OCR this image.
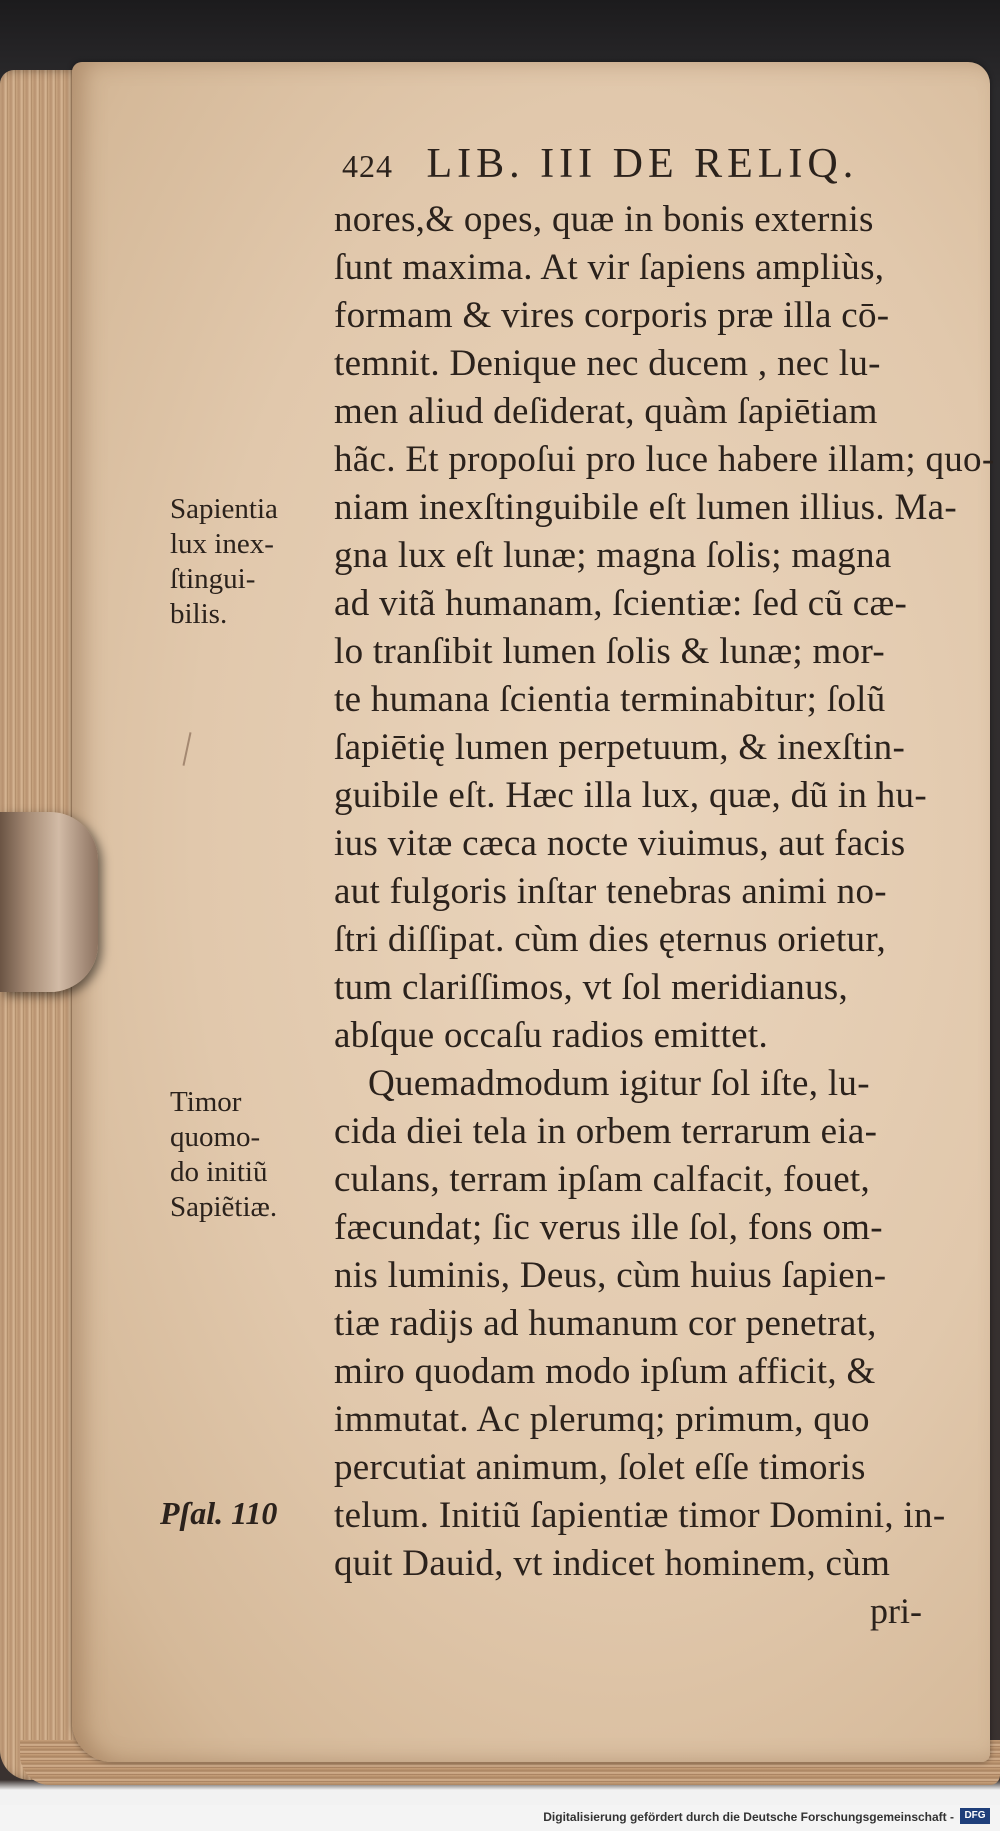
424 LIB. III DE RELIQ.
nores,& opes, quæ in bonis externis
ſunt maxima. At vir ſapiens ampliùs,
formam & vires corporis præ illa cō-
temnit. Denique nec ducem , nec lu-
men aliud deſiderat, quàm ſapiētiam
hãc. Et propoſui pro luce habere illam; quo-
niam inexſtinguibile eſt lumen illius. Ma-
gna lux eſt lunæ; magna ſolis; magna
ad vitã humanam, ſcientiæ: ſed cũ cæ-
lo tranſibit lumen ſolis & lunæ; mor-
te humana ſcientia terminabitur; ſolũ
ſapiētię lumen perpetuum, & inexſtin-
guibile eſt. Hæc illa lux, quæ, dũ in hu-
ius vitæ cæca nocte viuimus, aut facis
aut fulgoris inſtar tenebras animi no-
ſtri diſſipat. cùm dies ęternus orietur,
tum clariſſimos, vt ſol meridianus,
abſque occaſu radios emittet.
Quemadmodum igitur ſol iſte, lu-
cida diei tela in orbem terrarum eia-
culans, terram ipſam calfacit, fouet,
fæcundat; ſic verus ille ſol, fons om-
nis luminis, Deus, cùm huius ſapien-
tiæ radijs ad humanum cor penetrat,
miro quodam modo ipſum afficit, &
immutat. Ac plerumq; primum, quo
percutiat animum, ſolet eſſe timoris
telum. Initiũ ſapientiæ timor Domini, in-
quit Dauid, vt indicet hominem, cùm
pri-
Sapientia
lux inex-
ſtingui-
bilis.
Timor
quomo-
do initiũ
Sapiẽtiæ.
Pſal. 110
Digitalisierung gefördert durch die Deutsche Forschungsgemeinschaft -	DFG
